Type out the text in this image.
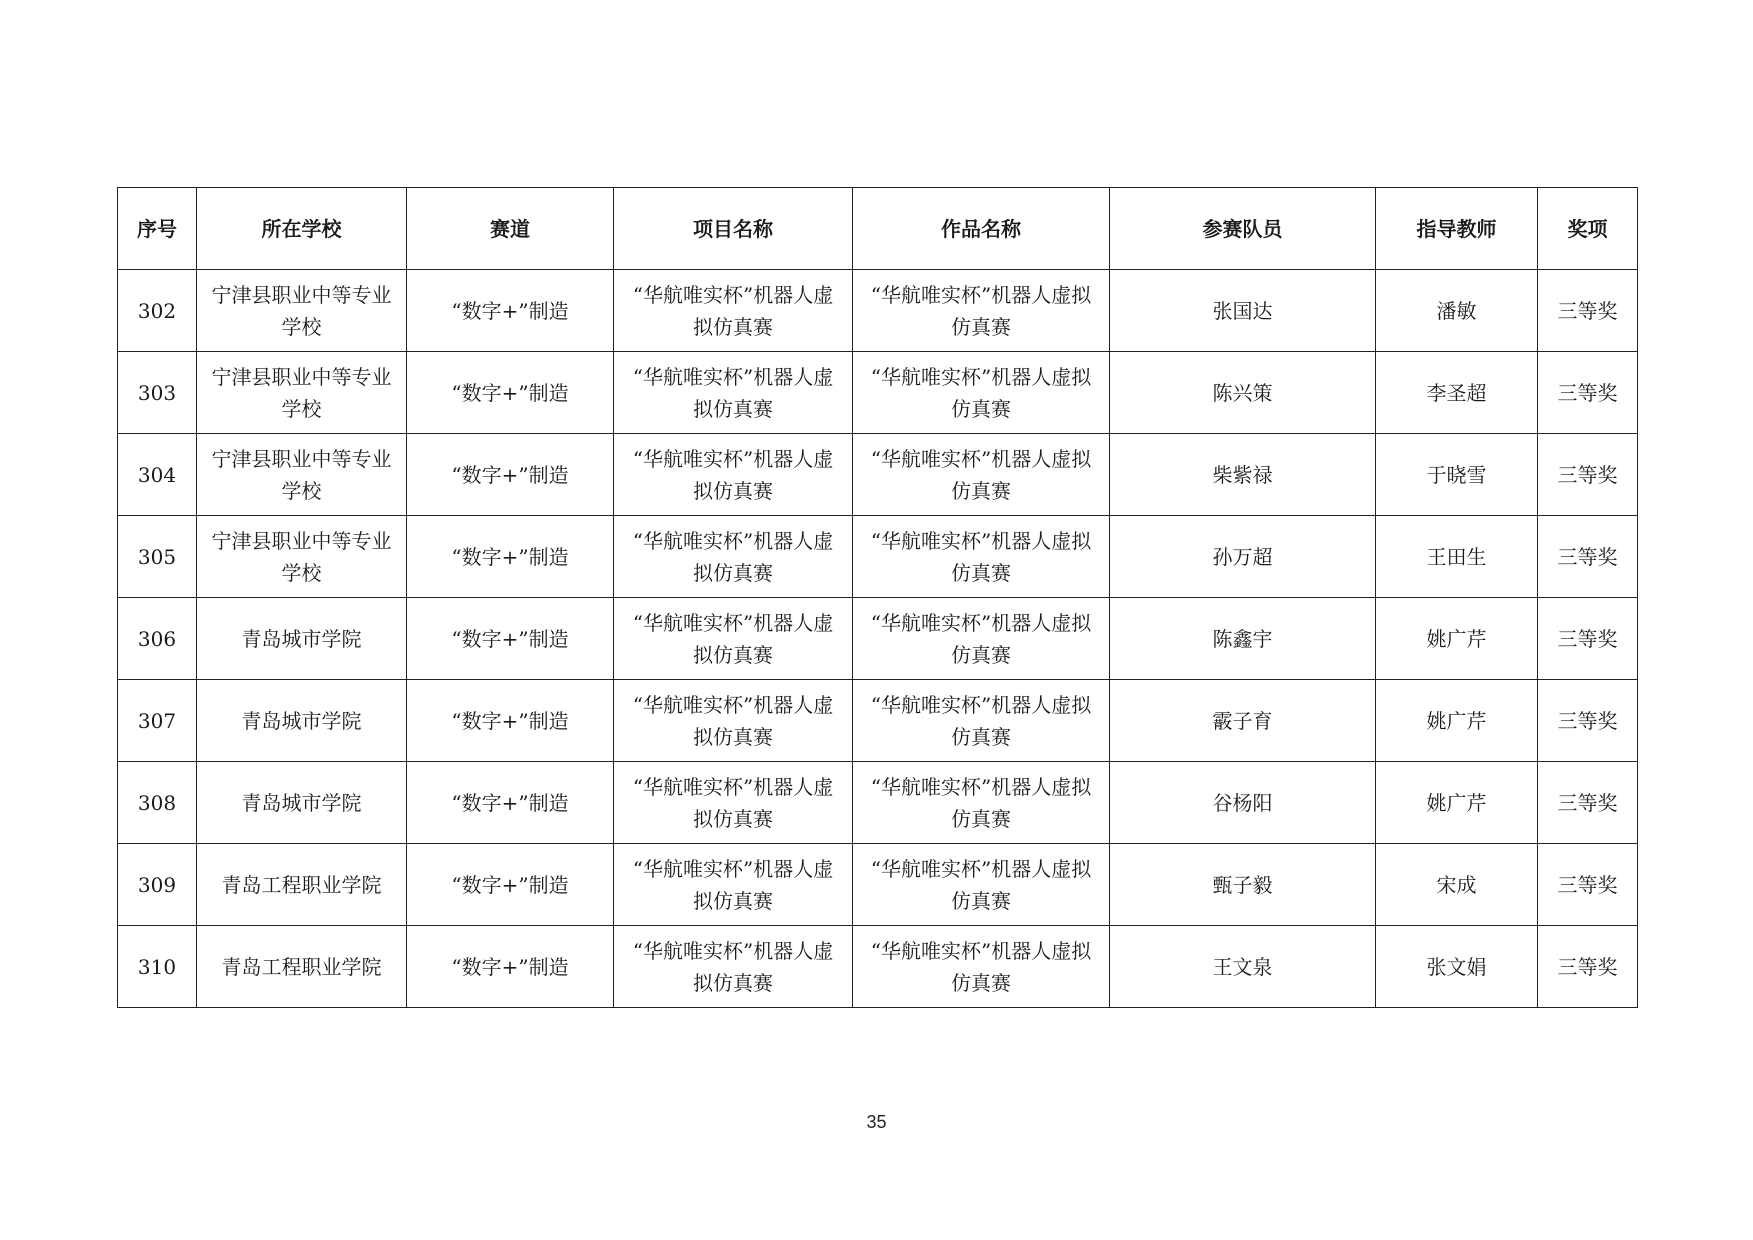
序号	所在学校	赛道	项目名称	作品名称	参赛队员	指导教师	奖项
302	宁津县职业中等专业学校	“数字+”制造	“华航唯实杯”机器人虚拟仿真赛	“华航唯实杯”机器人虚拟仿真赛	张国达	潘敏	三等奖
303	宁津县职业中等专业学校	“数字+”制造	“华航唯实杯”机器人虚拟仿真赛	“华航唯实杯”机器人虚拟仿真赛	陈兴策	李圣超	三等奖
304	宁津县职业中等专业学校	“数字+”制造	“华航唯实杯”机器人虚拟仿真赛	“华航唯实杯”机器人虚拟仿真赛	柴紫禄	于晓雪	三等奖
305	宁津县职业中等专业学校	“数字+”制造	“华航唯实杯”机器人虚拟仿真赛	“华航唯实杯”机器人虚拟仿真赛	孙万超	王田生	三等奖
306	青岛城市学院	“数字+”制造	“华航唯实杯”机器人虚拟仿真赛	“华航唯实杯”机器人虚拟仿真赛	陈鑫宇	姚广芹	三等奖
307	青岛城市学院	“数字+”制造	“华航唯实杯”机器人虚拟仿真赛	“华航唯实杯”机器人虚拟仿真赛	霰子育	姚广芹	三等奖
308	青岛城市学院	“数字+”制造	“华航唯实杯”机器人虚拟仿真赛	“华航唯实杯”机器人虚拟仿真赛	谷杨阳	姚广芹	三等奖
309	青岛工程职业学院	“数字+”制造	“华航唯实杯”机器人虚拟仿真赛	“华航唯实杯”机器人虚拟仿真赛	甄子毅	宋成	三等奖
310	青岛工程职业学院	“数字+”制造	“华航唯实杯”机器人虚拟仿真赛	“华航唯实杯”机器人虚拟仿真赛	王文泉	张文娟	三等奖
35
